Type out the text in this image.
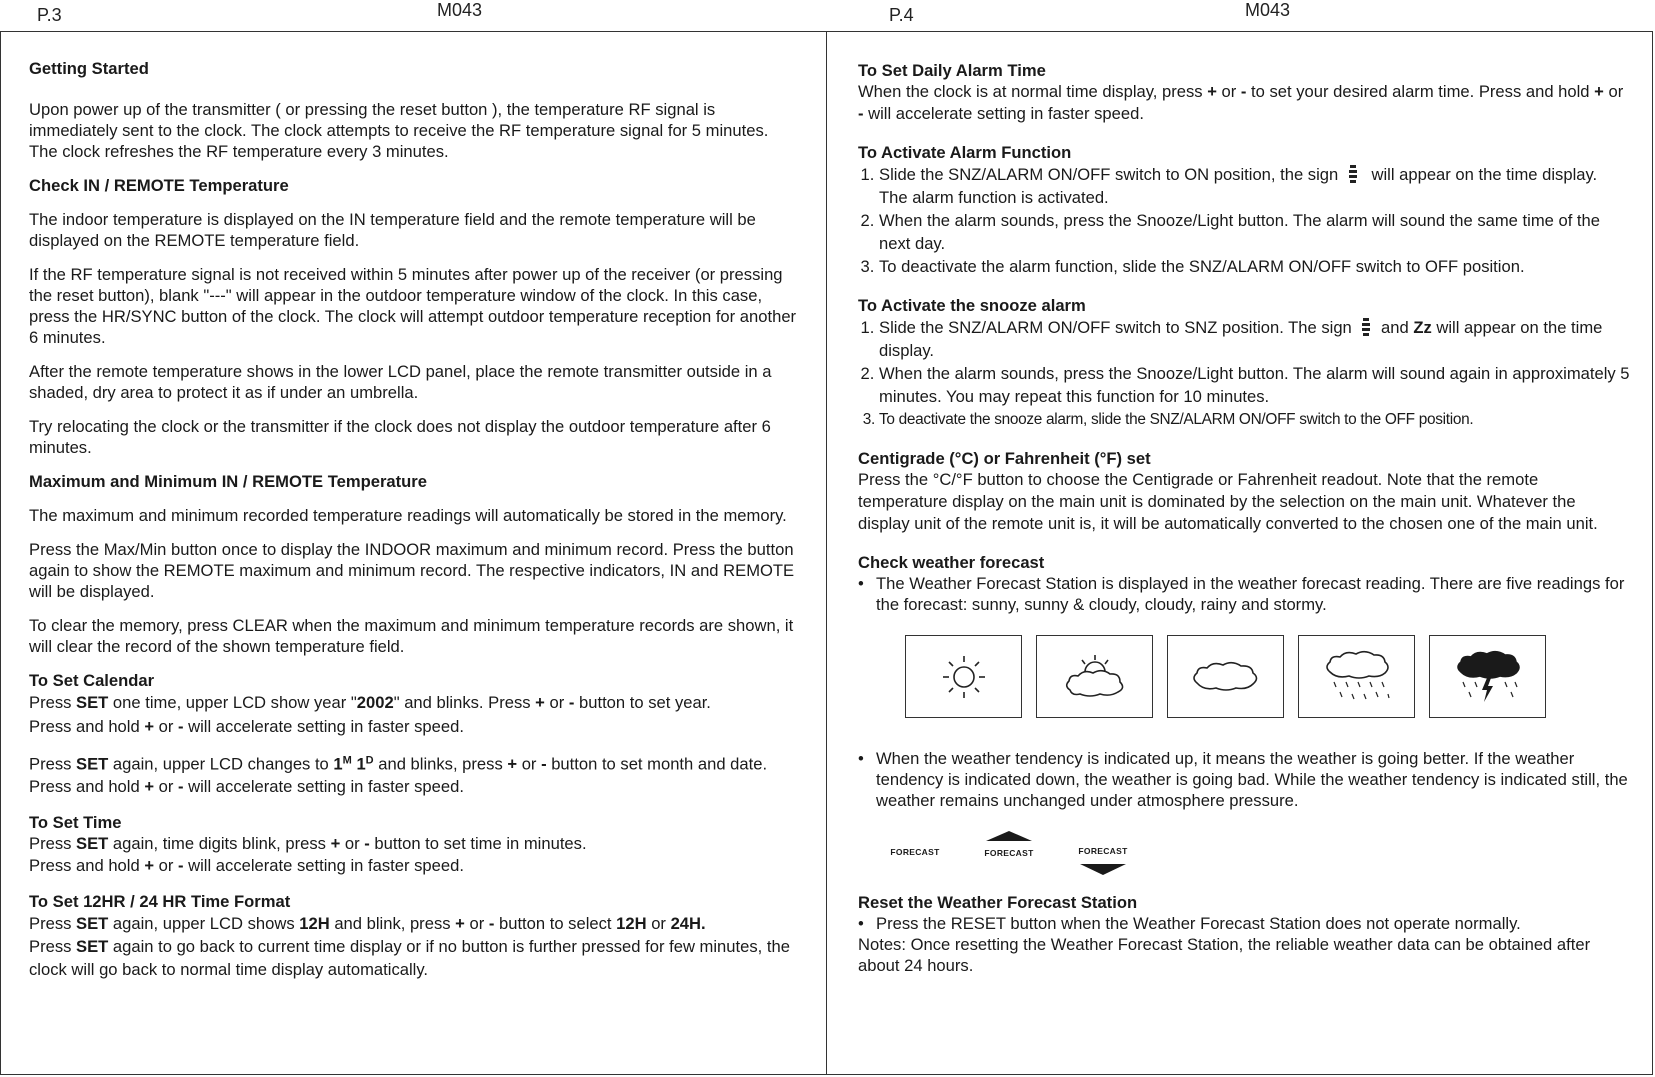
P.3	M043	P.4	M043

Getting Started

Upon power up of the transmitter ( or pressing the reset button ), the temperature RF signal is immediately sent to the clock. The clock attempts to receive the RF temperature signal for 5 minutes. The clock refreshes the RF temperature every 3 minutes.

Check IN / REMOTE Temperature

The indoor temperature is displayed on the IN temperature field and the remote temperature will be displayed on the REMOTE temperature field.

If the RF temperature signal is not received within 5 minutes after power up of the receiver (or pressing the reset button), blank "---" will appear in the outdoor temperature window of the clock. In this case, press the HR/SYNC button of the clock. The clock will attempt outdoor temperature reception for another 6 minutes.

After the remote temperature shows in the lower LCD panel, place the remote transmitter outside in a shaded, dry area to protect it as if under an umbrella.

Try relocating the clock or the transmitter if the clock does not display the outdoor temperature after 6 minutes.

Maximum and Minimum IN / REMOTE Temperature

The maximum and minimum recorded temperature readings will automatically be stored in the memory.

Press the Max/Min button once to display the INDOOR maximum and minimum record. Press the button again to show the REMOTE maximum and minimum record. The respective indicators, IN and REMOTE will be displayed.

To clear the memory, press CLEAR when the maximum and minimum temperature records are shown, it will clear the record of the shown temperature field.

To Set Calendar

Press SET one time, upper LCD show year "2002" and blinks. Press + or - button to set year.
Press and hold + or - will accelerate setting in faster speed.

Press SET again, upper LCD changes to $1^M$ $1^D$ and blinks, press + or - button to set month and date.
Press and hold + or - will accelerate setting in faster speed.

To Set Time

Press SET again, time digits blink, press + or - button to set time in minutes.
Press and hold + or - will accelerate setting in faster speed.

To Set 12HR / 24 HR Time Format

Press SET again, upper LCD shows 12H and blink, press + or - button to select 12H or 24H.
Press SET again to go back to current time display or if no button is further pressed for few minutes, the clock will go back to normal time display automatically.

To Set Daily Alarm Time

When the clock is at normal time display, press + or - to set your desired alarm time. Press and hold + or - will accelerate setting in faster speed.

To Activate Alarm Function

1. Slide the SNZ/ALARM ON/OFF switch to ON position, the sign  will appear on the time display. The alarm function is activated.
2. When the alarm sounds, press the Snooze/Light button. The alarm will sound the same time of the next day.
3. To deactivate the alarm function, slide the SNZ/ALARM ON/OFF switch to OFF position.

To Activate the snooze alarm

1. Slide the SNZ/ALARM ON/OFF switch to SNZ position. The sign  and Zz will appear on the time display.
2. When the alarm sounds, press the Snooze/Light button. The alarm will sound again in approximately 5 minutes. You may repeat this function for 10 minutes.
3. To deactivate the snooze alarm, slide the SNZ/ALARM ON/OFF switch to the OFF position.

Centigrade (°C) or Fahrenheit (°F) set

Press the °C/°F button to choose the Centigrade or Fahrenheit readout. Note that the remote temperature display on the main unit is dominated by the selection on the main unit. Whatever the display unit of the remote unit is, it will be automatically converted to the chosen one of the main unit.

Check weather forecast

• The Weather Forecast Station is displayed in the weather forecast reading. There are five readings for the forecast: sunny, sunny & cloudy, cloudy, rainy and stormy.
• When the weather tendency is indicated up, it means the weather is going better. If the weather tendency is indicated down, the weather is going bad. While the weather tendency is indicated still, the weather remains unchanged under atmosphere pressure.
FORECAST	FORECAST	FORECAST

Reset the Weather Forecast Station

• Press the RESET button when the Weather Forecast Station does not operate normally.

Notes: Once resetting the Weather Forecast Station, the reliable weather data can be obtained after about 24 hours.
